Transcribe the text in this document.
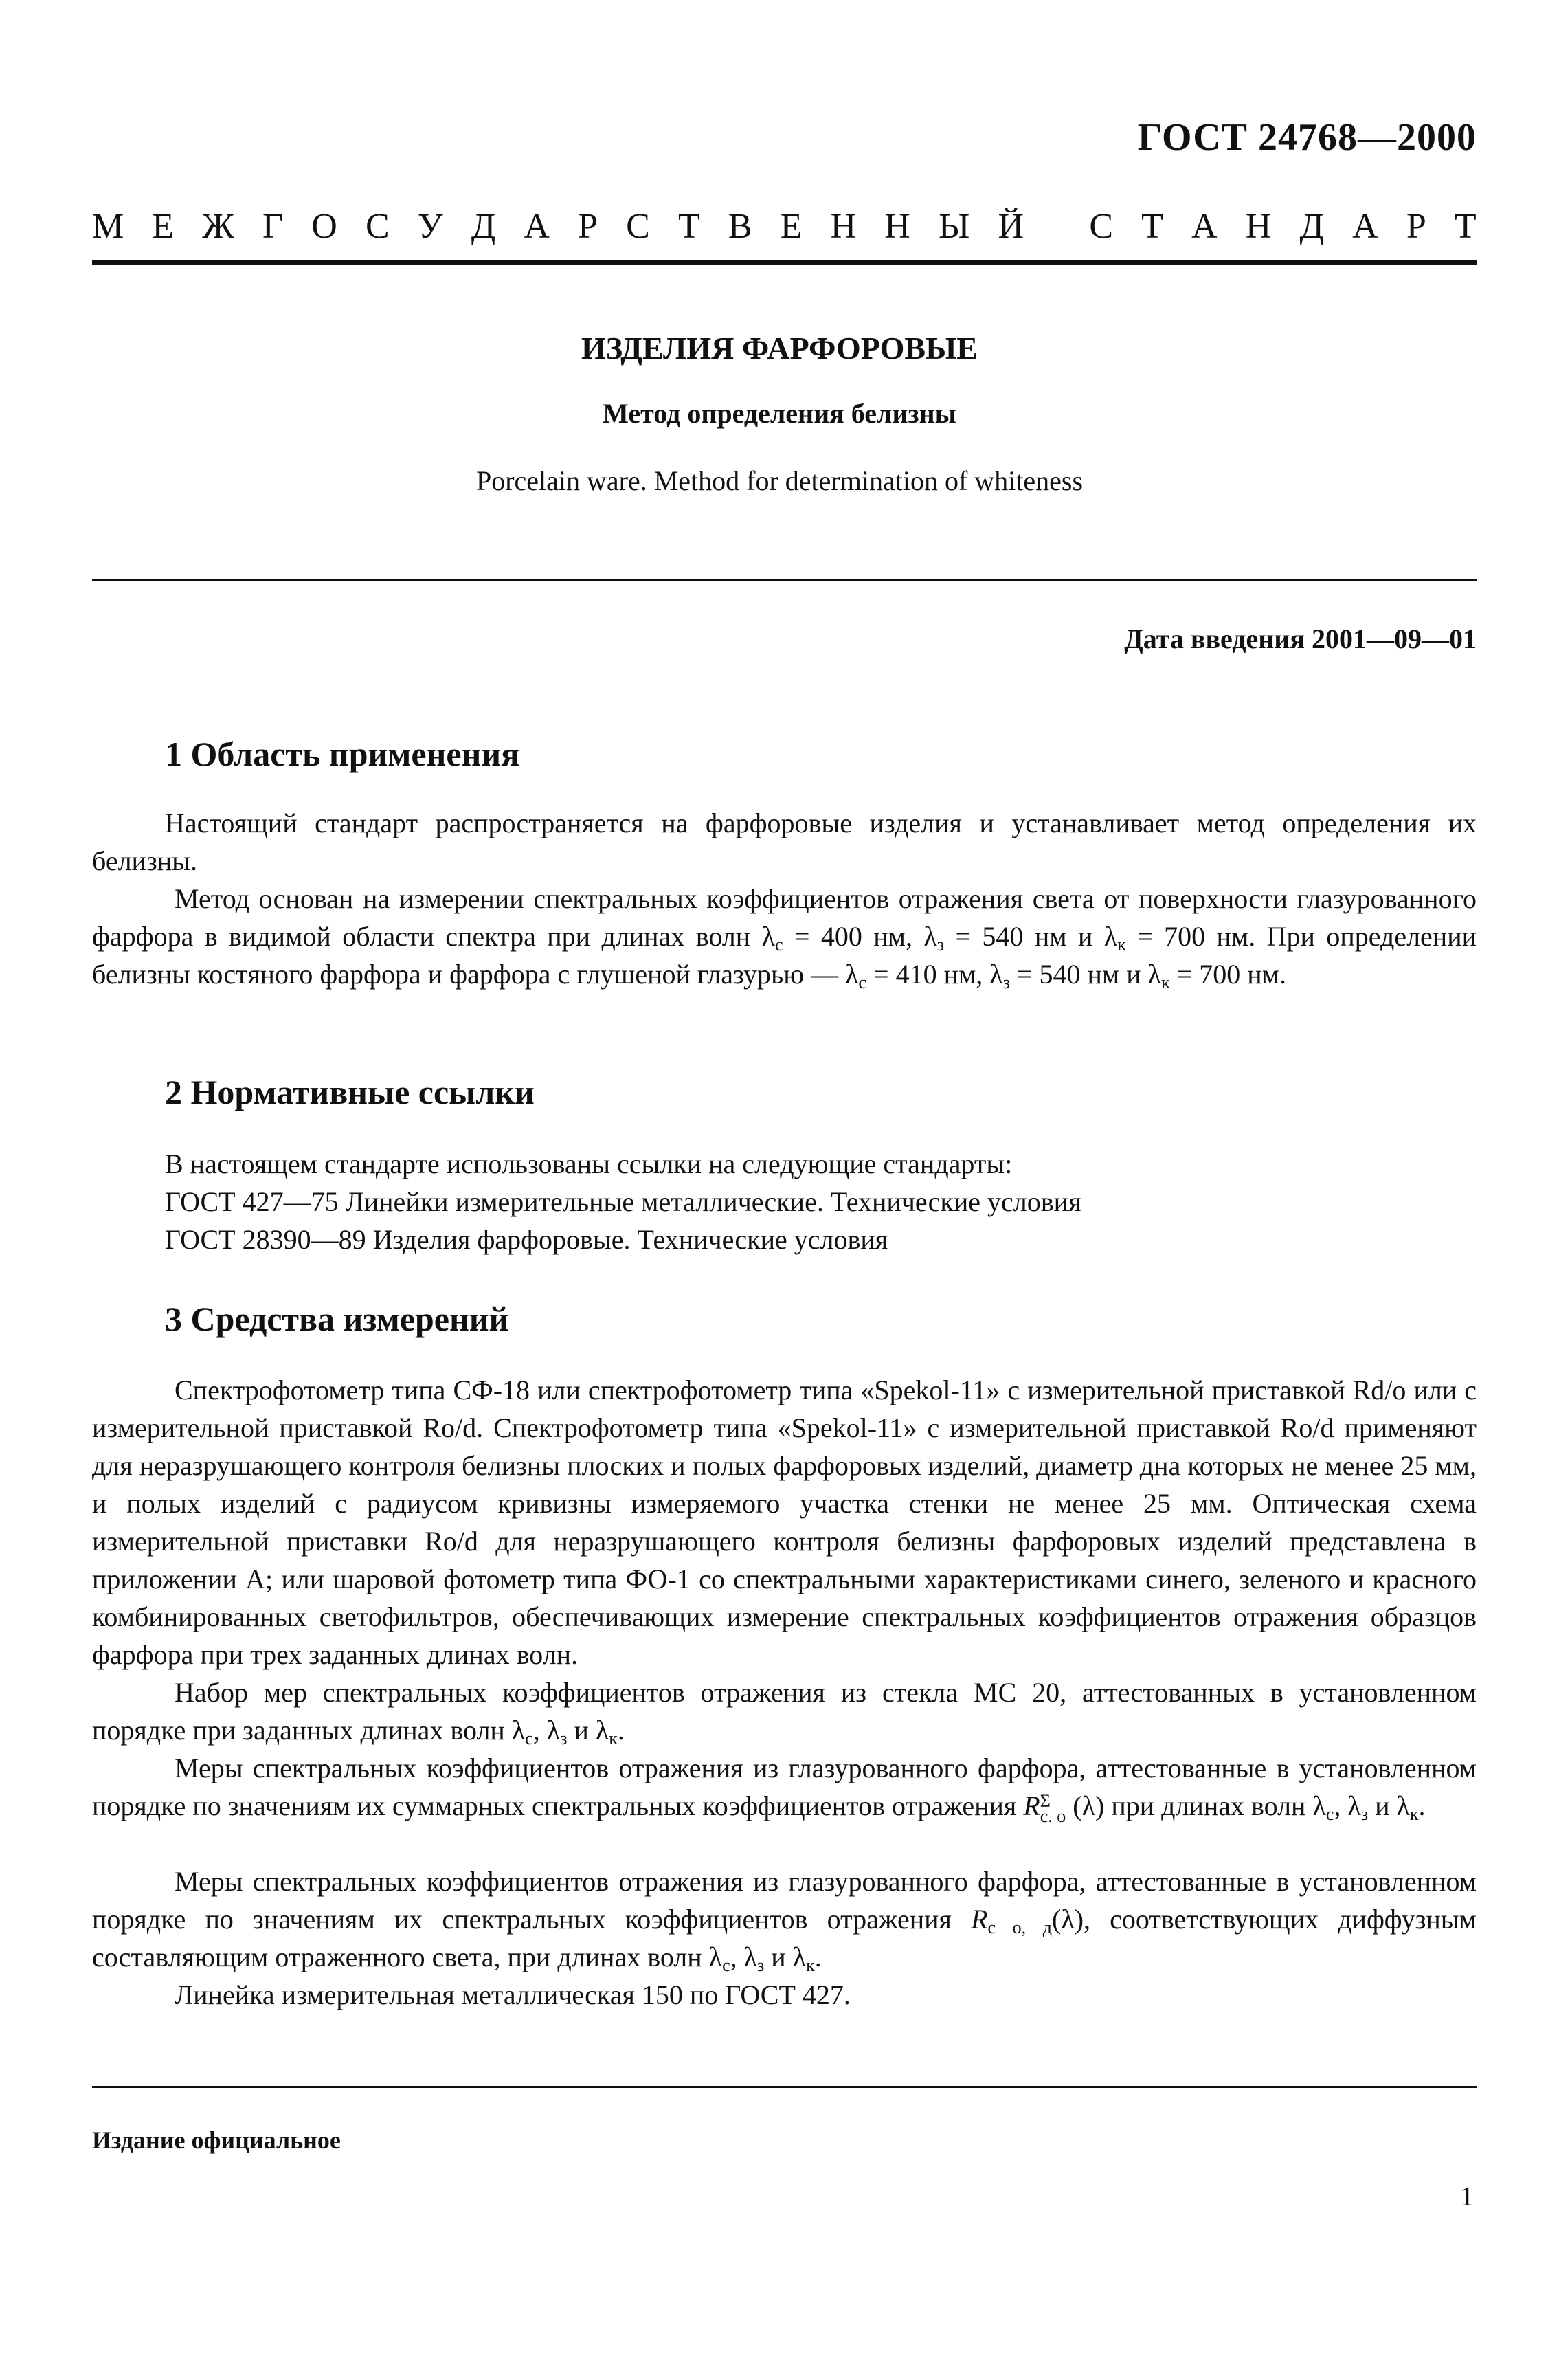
ГОСТ 24768—2000
М Е Ж Г О С У Д А Р С Т В Е Н Н Ы Й
С Т А Н Д А Р Т
ИЗДЕЛИЯ ФАРФОРОВЫЕ
Метод определения белизны
Porcelain ware. Method for determination of whiteness
Дата введения 2001—09—01
1 Область применения

Настоящий стандарт распространяется на фарфоровые изделия и устанавливает метод определения их белизны.

Метод основан на измерении спектральных коэффициентов отражения света от поверхности глазурованного фарфора в видимой области спектра при длинах волн $\lambda_с = 400$ нм, $\lambda_з = 540$ нм и $\lambda_к = 700$ нм. При определении белизны костяного фарфора и фарфора с глушеной глазурью — $\lambda_с = 410$ нм, $\lambda_з = 540$ нм и $\lambda_к = 700$ нм.

2 Нормативные ссылки
В настоящем стандарте использованы ссылки на следующие стандарты:
ГОСТ 427—75 Линейки измерительные металлические. Технические условия
ГОСТ 28390—89 Изделия фарфоровые. Технические условия
3 Средства измерений

Спектрофотометр типа СФ-18 или спектрофотометр типа «Spekol-11» с измерительной приставкой Rd/o или с измерительной приставкой Ro/d. Спектрофотометр типа «Spekol-11» с измерительной приставкой Ro/d применяют для неразрушающего контроля белизны плоских и полых фарфоровых изделий, диаметр дна которых не менее 25 мм, и полых изделий с радиусом кривизны измеряемого участка стенки не менее 25 мм. Оптическая схема измерительной приставки Ro/d для неразрушающего контроля белизны фарфоровых изделий представлена в приложении А; или шаровой фотометр типа ФО-1 со спектральными характеристиками синего, зеленого и красного комбинированных светофильтров, обеспечивающих измерение спектральных коэффициентов отражения образцов фарфора при трех заданных длинах волн.

Набор мер спектральных коэффициентов отражения из стекла МС 20, аттестованных в установленном порядке при заданных длинах волн $\lambda_с$, $\lambda_з$ и $\lambda_к$.

Меры спектральных коэффициентов отражения из глазурованного фарфора, аттестованные в установленном порядке по значениям их суммарных спектральных коэффициентов отражения R Σ
с. о (λ) при длинах волн $\lambda_с$, $\lambda_з$ и $\lambda_к$.

Меры спектральных коэффициентов отражения из глазурованного фарфора, аттестованные в установленном порядке по значениям их спектральных коэффициентов отражения $R_{с о, д}(\lambda)$, соответствующих диффузным составляющим отраженного света, при длинах волн $\lambda_с$, $\lambda_з$ и $\lambda_к$.

Линейка измерительная металлическая 150 по ГОСТ 427.

Издание официальное
1
